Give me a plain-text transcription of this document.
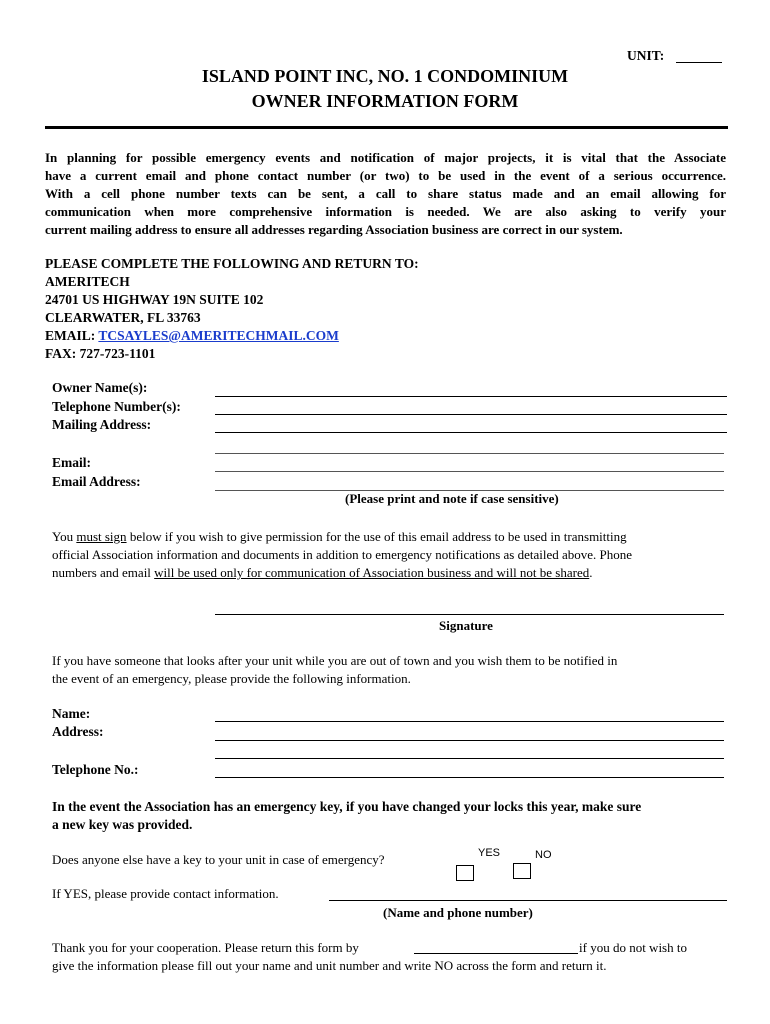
UNIT:
ISLAND POINT INC, NO. 1 CONDOMINIUM
OWNER INFORMATION FORM
In planning for possible emergency events and notification of major projects, it is vital that the Associate
have a current email and phone contact number (or two) to be used in the event of a serious occurrence.
With a cell phone number texts can be sent, a call to share status made and an email allowing for
communication when more comprehensive information is needed. We are also asking to verify your
current mailing address to ensure all addresses regarding Association business are correct in our system.
PLEASE COMPLETE THE FOLLOWING AND RETURN TO:
AMERITECH
24701 US HIGHWAY 19N SUITE 102
CLEARWATER, FL 33763
EMAIL: TCSAYLES@AMERITECHMAIL.COM
FAX: 727-723-1101
Owner Name(s):
Telephone Number(s):
Mailing Address:
Email:
Email Address:
(Please print and note if case sensitive)
You must sign below if you wish to give permission for the use of this email address to be used in transmitting
official Association information and documents in addition to emergency notifications as detailed above. Phone
numbers and email will be used only for communication of Association business and will not be shared.
Signature
If you have someone that looks after your unit while you are out of town and you wish them to be notified in
the event of an emergency, please provide the following information.
Name:
Address:
Telephone No.:
In the event the Association has an emergency key, if you have changed your locks this year, make sure
a new key was provided.
Does anyone else have a key to your unit in case of emergency?	YES	NO
If YES, please provide contact information.
(Name and phone number)
Thank you for your cooperation. Please return this form by	if you do not wish to
give the information please fill out your name and unit number and write NO across the form and return it.
